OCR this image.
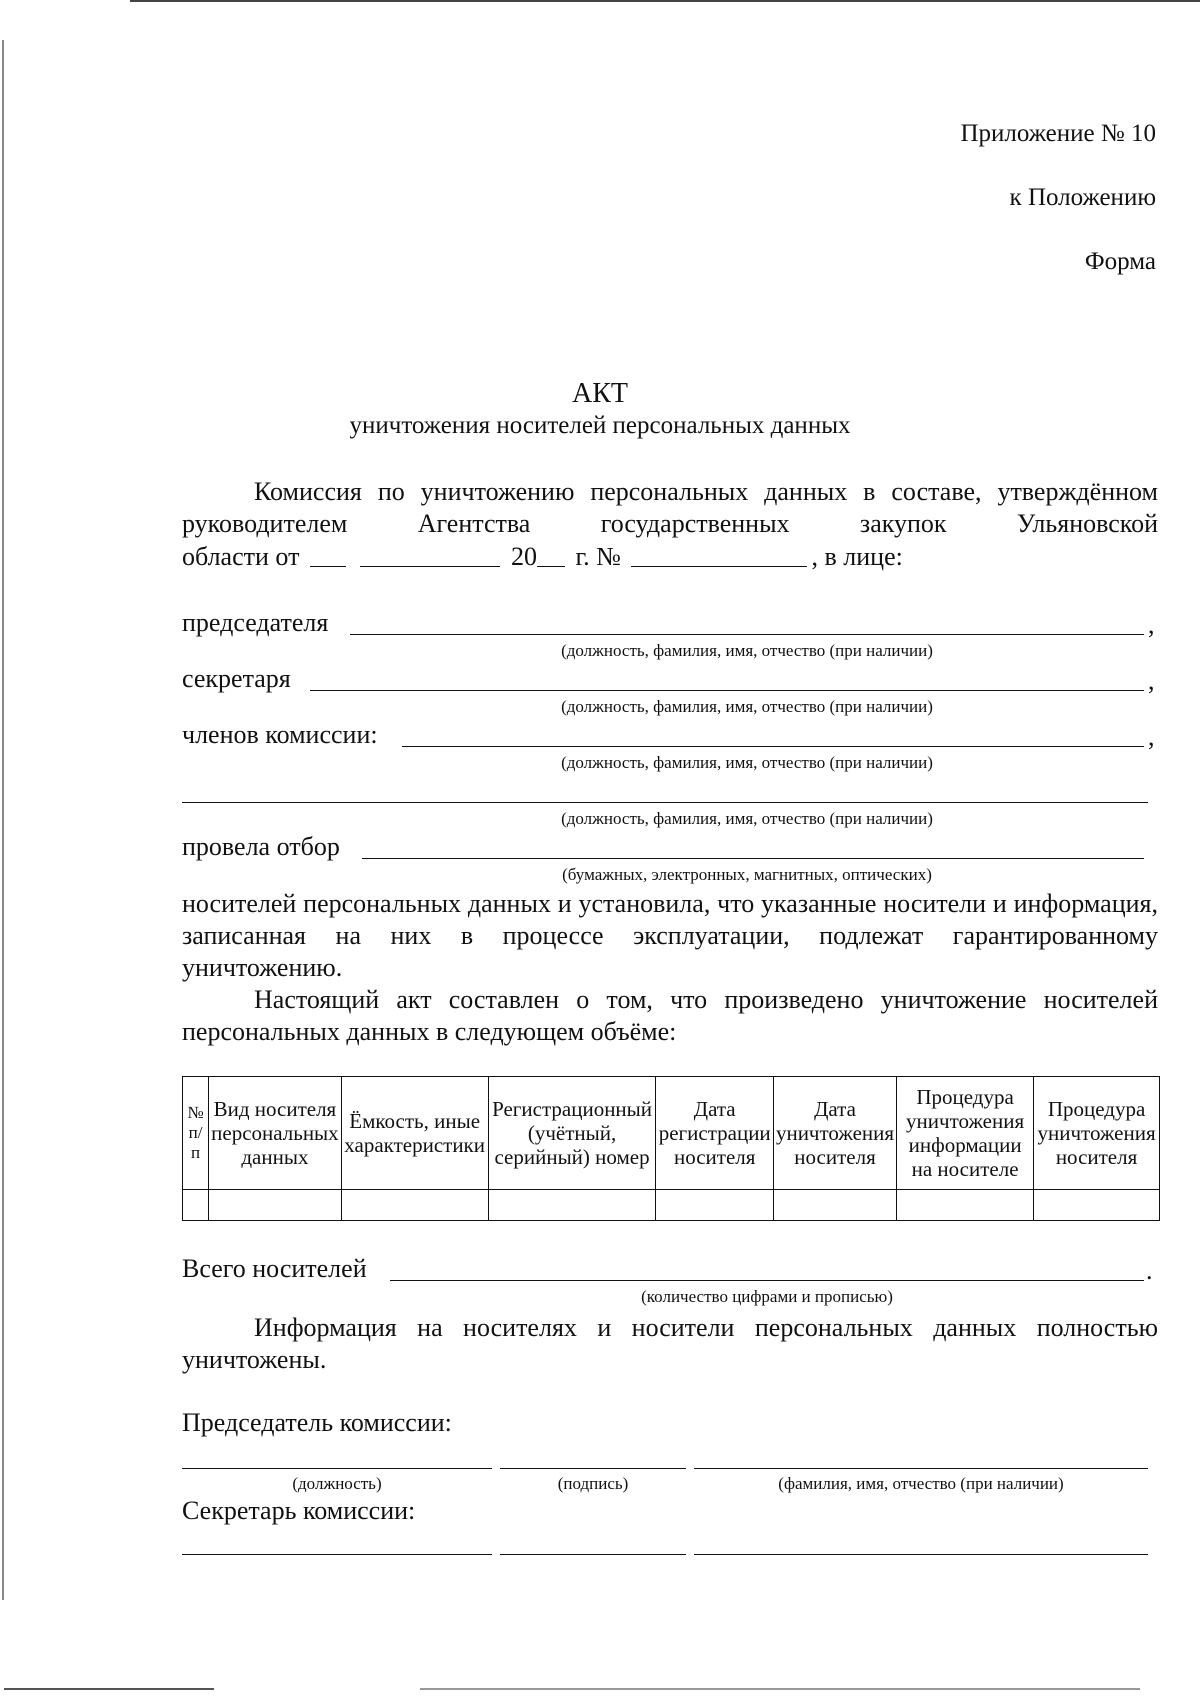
Приложение № 10
к Положению
Форма
АКТ
уничтожения носителей персональных данных
Комиссия по уничтожению персональных данных в составе, утверждённом руководителем Агентства государственных закупок Ульяновской
области от	20 г. №	, в лице:
председателя	,
(должность, фамилия, имя, отчество (при наличии)
секретаря	,
(должность, фамилия, имя, отчество (при наличии)
членов комиссии:	,
(должность, фамилия, имя, отчество (при наличии)
(должность, фамилия, имя, отчество (при наличии)
провела отбор
(бумажных, электронных, магнитных, оптических)
носителей персональных данных и установила, что указанные носители и информация, записанная на них в процессе эксплуатации, подлежат гарантированному уничтожению.
Настоящий акт составлен о том, что произведено уничтожение носителей персональных данных в следующем объёме:
№ п/п	Вид носителя персональных данных	Ёмкость, иные характеристики	Регистрационный (учётный, серийный) номер	Дата регистрации носителя	Дата уничтожения носителя	Процедура уничтожения информации на носителе	Процедура уничтожения носителя

Всего носителей	.
(количество цифрами и прописью)
Информация на носителях и носители персональных данных полностью уничтожены.
Председатель комиссии:
(должность)	(подпись)	(фамилия, имя, отчество (при наличии)
Секретарь комиссии:
